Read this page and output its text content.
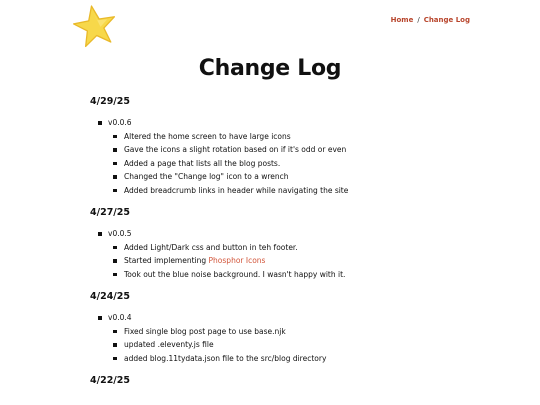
Home / Change Log
Change Log
4/29/25
v0.0.6
Altered the home screen to have large icons
Gave the icons a slight rotation based on if it's odd or even
Added a page that lists all the blog posts.
Changed the "Change log" icon to a wrench
Added breadcrumb links in header while navigating the site
4/27/25
v0.0.5
Added Light/Dark css and button in teh footer.
Started implementing Phosphor Icons
Took out the blue noise background. I wasn't happy with it.
4/24/25
v0.0.4
Fixed single blog post page to use base.njk
updated .eleventy.js file
added blog.11tydata.json file to the src/blog directory
4/22/25
